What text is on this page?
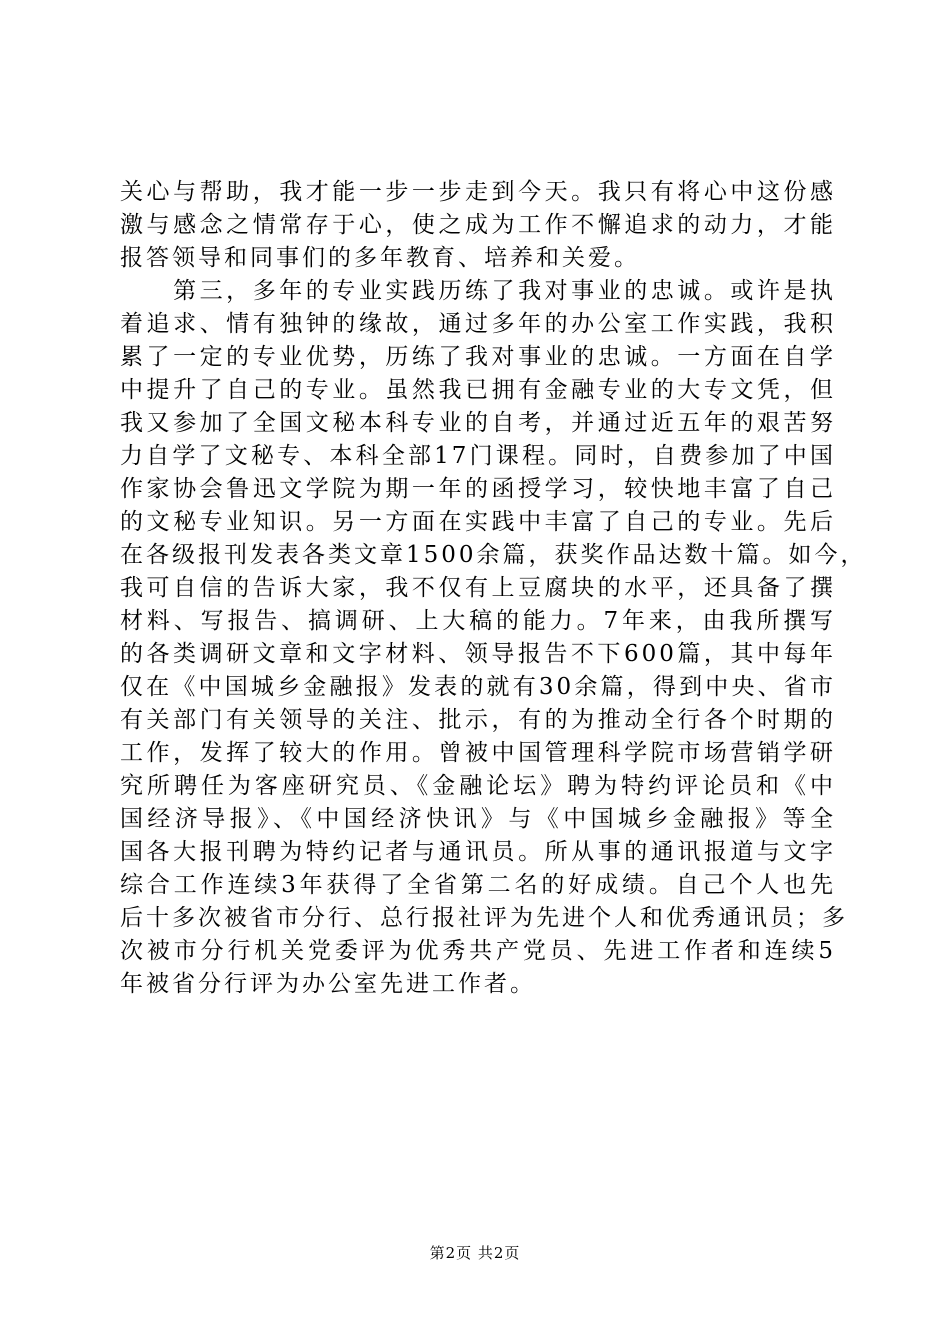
关心与帮助，我才能一步一步走到今天。我只有将心中这份感
激与感念之情常存于心，使之成为工作不懈追求的动力，才能
报答领导和同事们的多年教育、培养和关爱。
　　第三，多年的专业实践历练了我对事业的忠诚。或许是执
着追求、情有独钟的缘故，通过多年的办公室工作实践，我积
累了一定的专业优势，历练了我对事业的忠诚。一方面在自学
中提升了自己的专业。虽然我已拥有金融专业的大专文凭，但
我又参加了全国文秘本科专业的自考，并通过近五年的艰苦努
力自学了文秘专、本科全部17门课程。同时，自费参加了中国
作家协会鲁迅文学院为期一年的函授学习，较快地丰富了自己
的文秘专业知识。另一方面在实践中丰富了自己的专业。先后
在各级报刊发表各类文章1500余篇，获奖作品达数十篇。如今，
我可自信的告诉大家，我不仅有上豆腐块的水平，还具备了撰
材料、写报告、搞调研、上大稿的能力。7年来，由我所撰写
的各类调研文章和文字材料、领导报告不下600篇，其中每年
仅在《中国城乡金融报》发表的就有30余篇，得到中央、省市
有关部门有关领导的关注、批示，有的为推动全行各个时期的
工作，发挥了较大的作用。曾被中国管理科学院市场营销学研
究所聘任为客座研究员、《金融论坛》聘为特约评论员和《中
国经济导报》、《中国经济快讯》与《中国城乡金融报》等全
国各大报刊聘为特约记者与通讯员。所从事的通讯报道与文字
综合工作连续3年获得了全省第二名的好成绩。自己个人也先
后十多次被省市分行、总行报社评为先进个人和优秀通讯员；多
次被市分行机关党委评为优秀共产党员、先进工作者和连续5
年被省分行评为办公室先进工作者。
第2页 共2页
